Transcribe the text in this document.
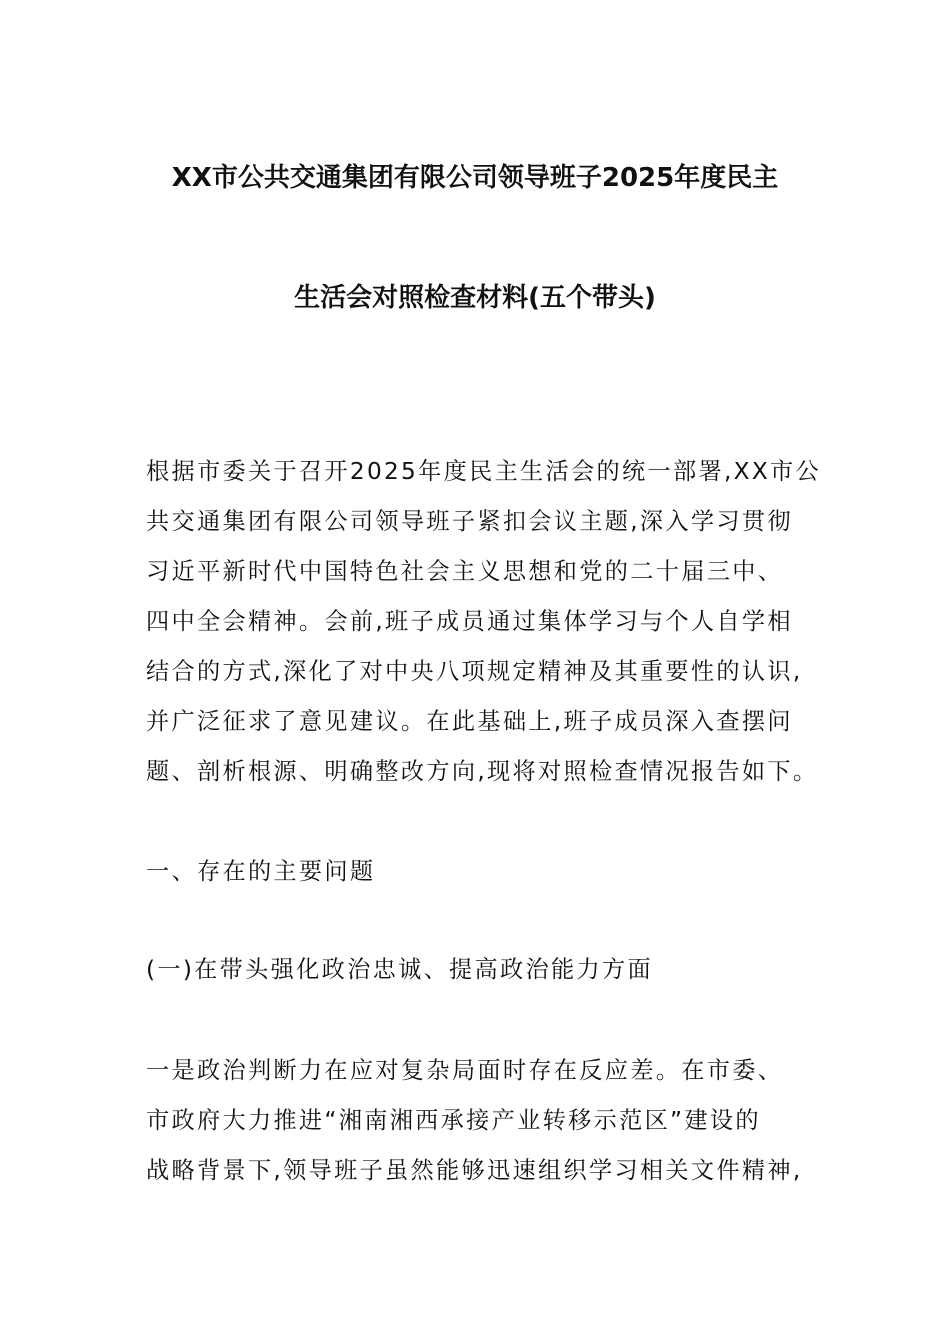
XX市公共交通集团有限公司领导班子2025年度民主
生活会对照检查材料(五个带头)
根据市委关于召开2025年度民主生活会的统一部署,XX市公
共交通集团有限公司领导班子紧扣会议主题,深入学习贯彻
习近平新时代中国特色社会主义思想和党的二十届三中、
四中全会精神。会前,班子成员通过集体学习与个人自学相
结合的方式,深化了对中央八项规定精神及其重要性的认识,
并广泛征求了意见建议。在此基础上,班子成员深入查摆问
题、剖析根源、明确整改方向,现将对照检查情况报告如下。
一、存在的主要问题
(一)在带头强化政治忠诚、提高政治能力方面
一是政治判断力在应对复杂局面时存在反应差。在市委、
市政府大力推进“湘南湘西承接产业转移示范区”建设的
战略背景下,领导班子虽然能够迅速组织学习相关文件精神,
